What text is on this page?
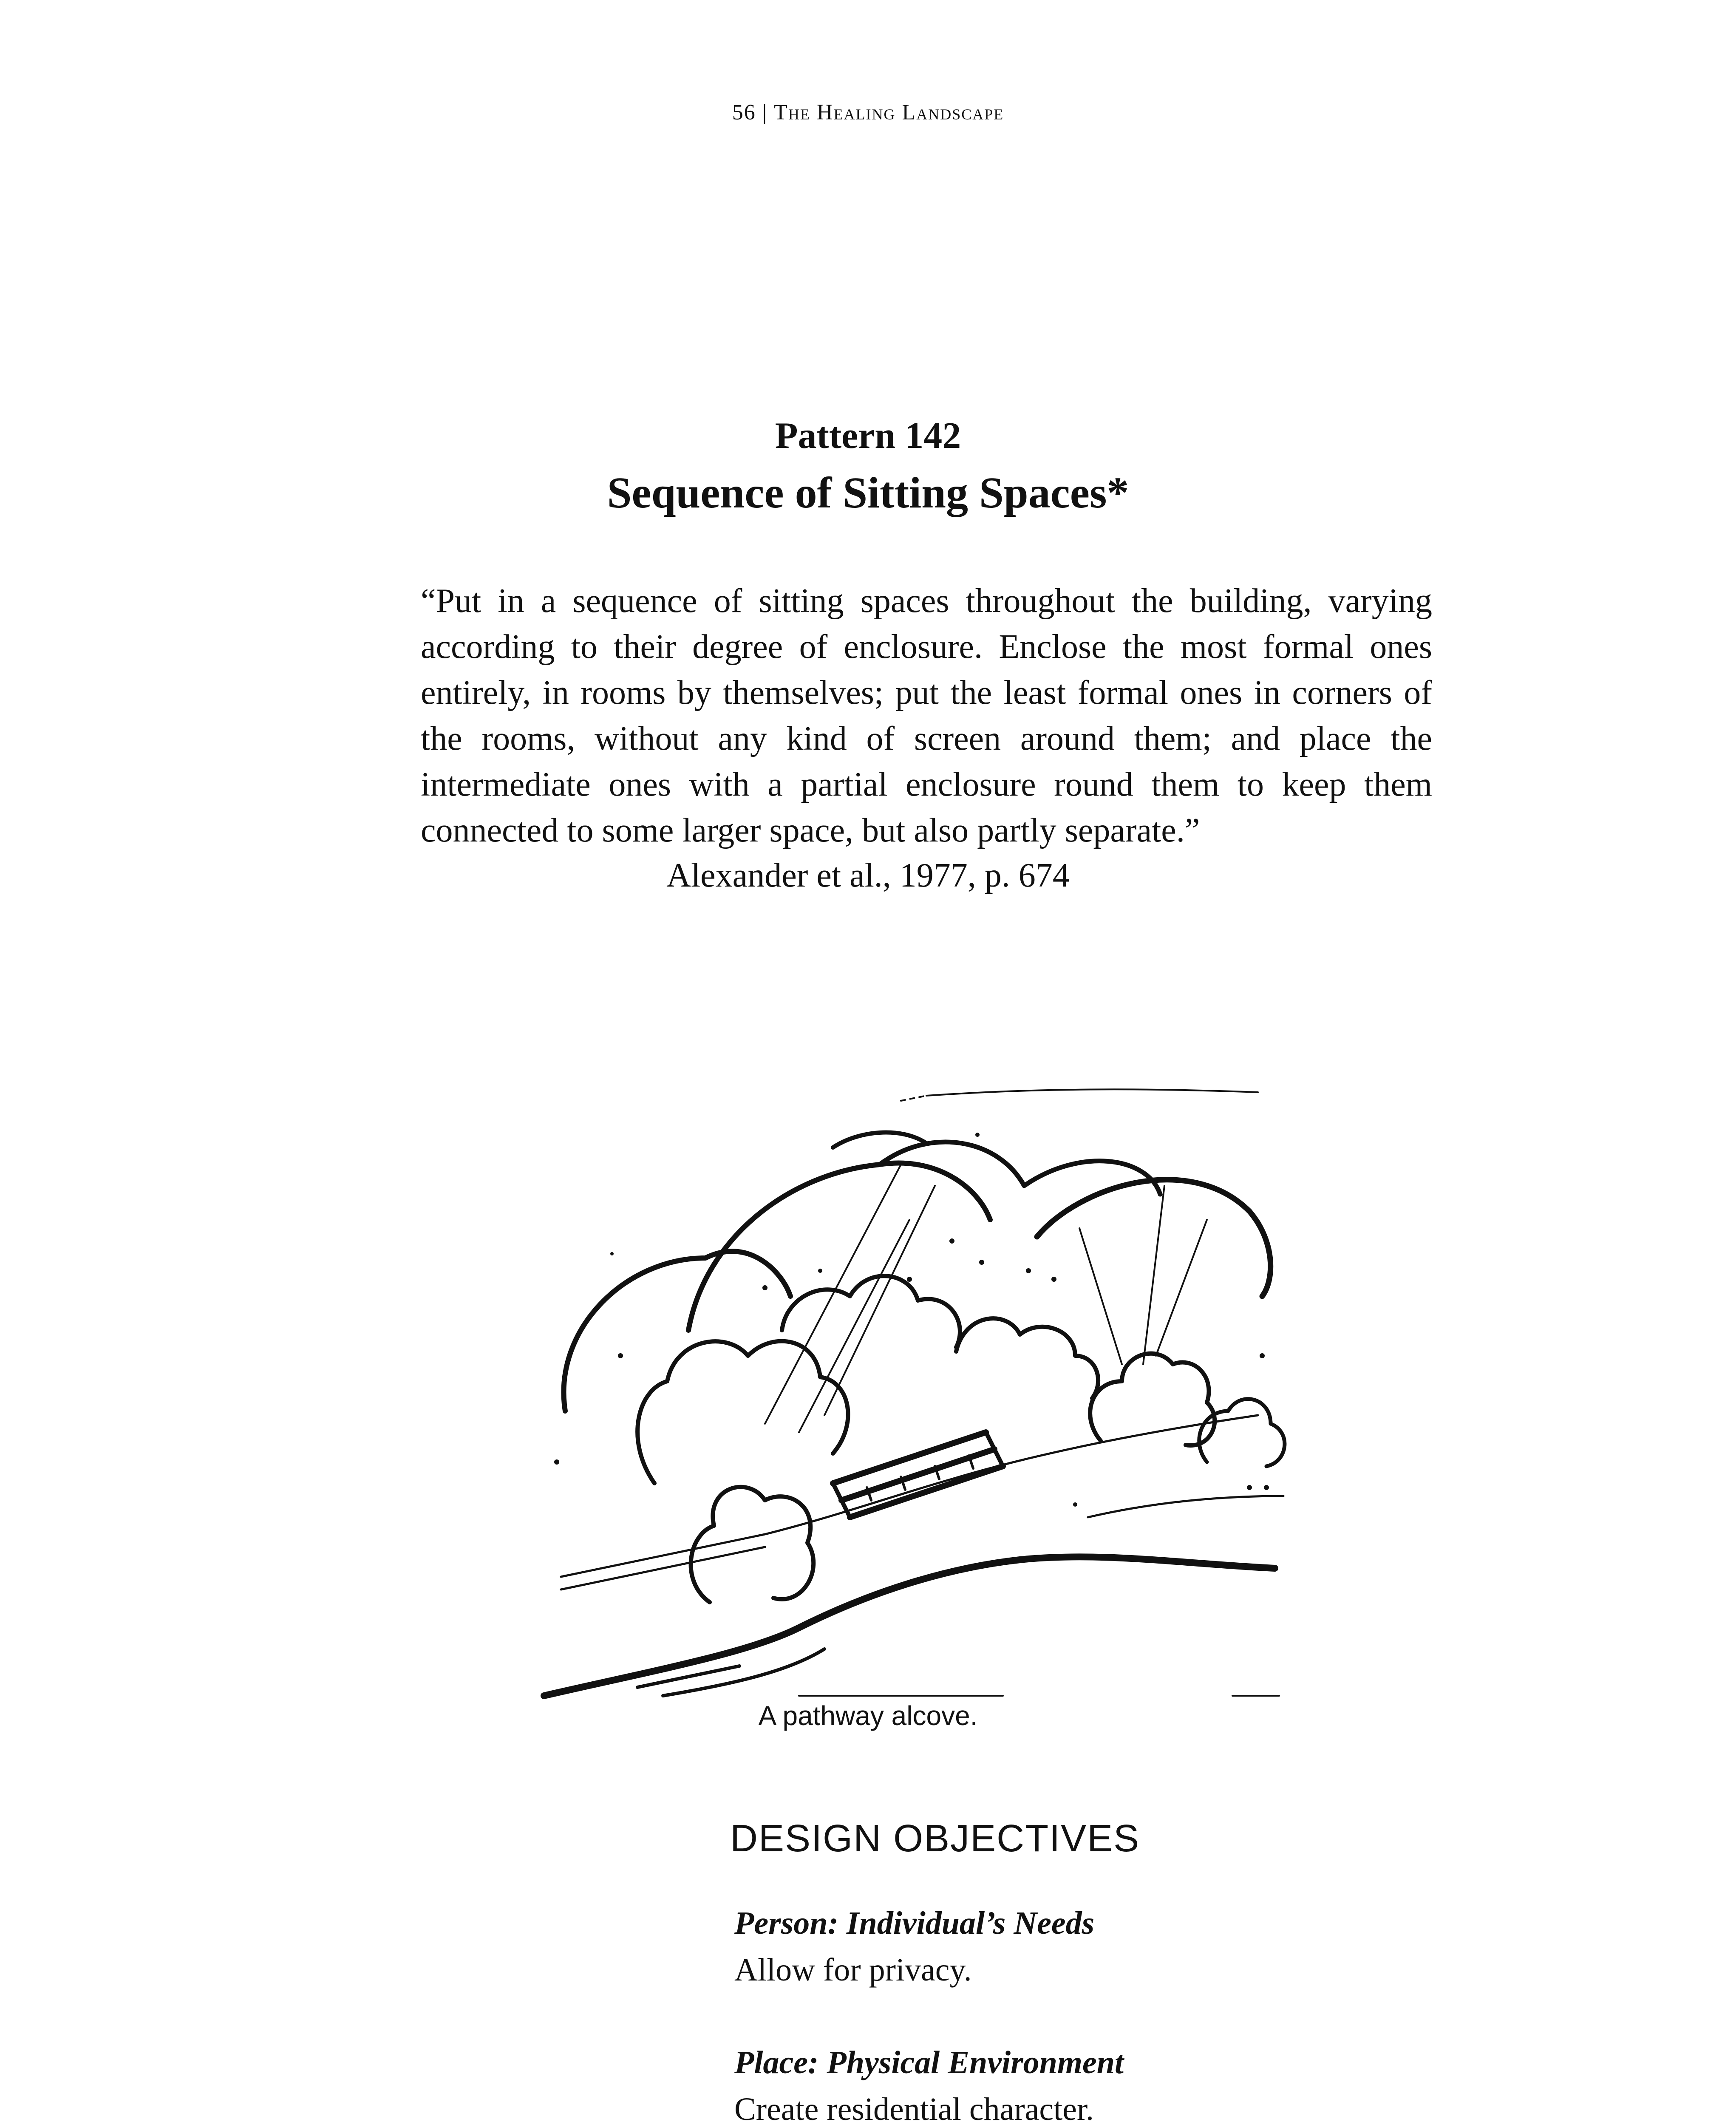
56 | The Healing Landscape
Pattern 142
Sequence of Sitting Spaces*

“Put in a sequence of sitting spaces throughout the building, varying according to their degree of enclosure. Enclose the most formal ones entirely, in rooms by themselves; put the least formal ones in corners of the rooms, without any kind of screen around them; and place the intermediate ones with a partial enclosure round them to keep them connected to some larger space, but also partly separate.”

Alexander et al., 1977, p. 674
A pathway alcove.
DESIGN OBJECTIVES
Person: Individual’s Needs
Allow for privacy.
Place: Physical Environment
Create residential character.
